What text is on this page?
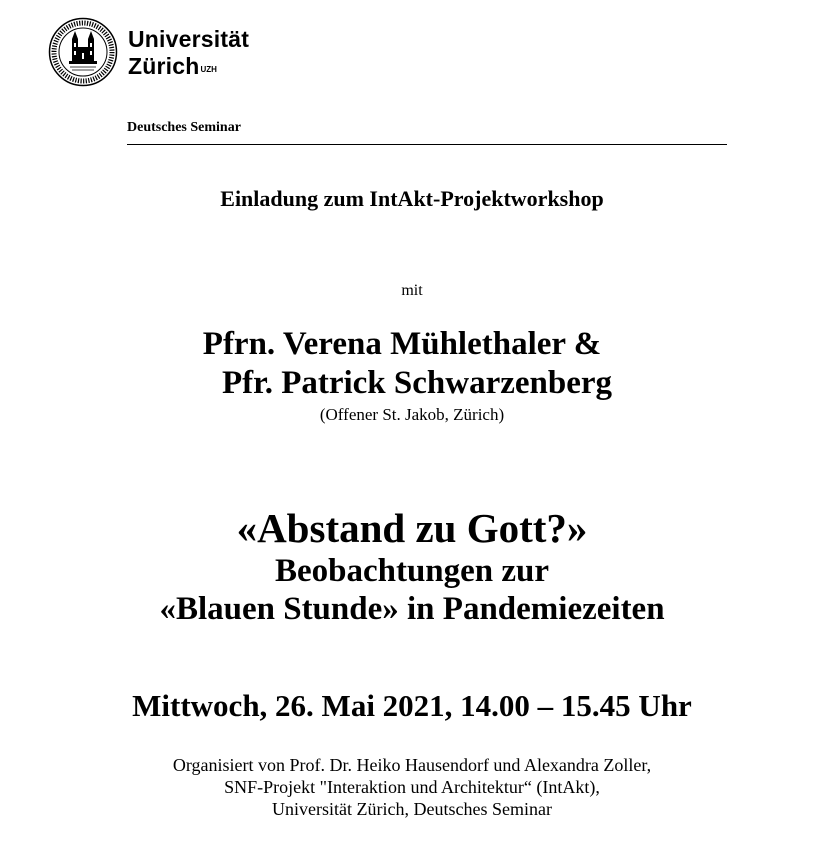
Universität
Zürich$^{UZH}$
Deutsches Seminar
Einladung zum IntAkt-Projektworkshop
mit
Pfrn. Verena Mühlethaler &
Pfr. Patrick Schwarzenberg
(Offener St. Jakob, Zürich)
«Abstand zu Gott?»
Beobachtungen zur
«Blauen Stunde» in Pandemiezeiten
Mittwoch, 26. Mai 2021, 14.00 – 15.45 Uhr
Organisiert von Prof. Dr. Heiko Hausendorf und Alexandra Zoller,
SNF-Projekt "Interaktion und Architektur“ (IntAkt),
Universität Zürich, Deutsches Seminar
